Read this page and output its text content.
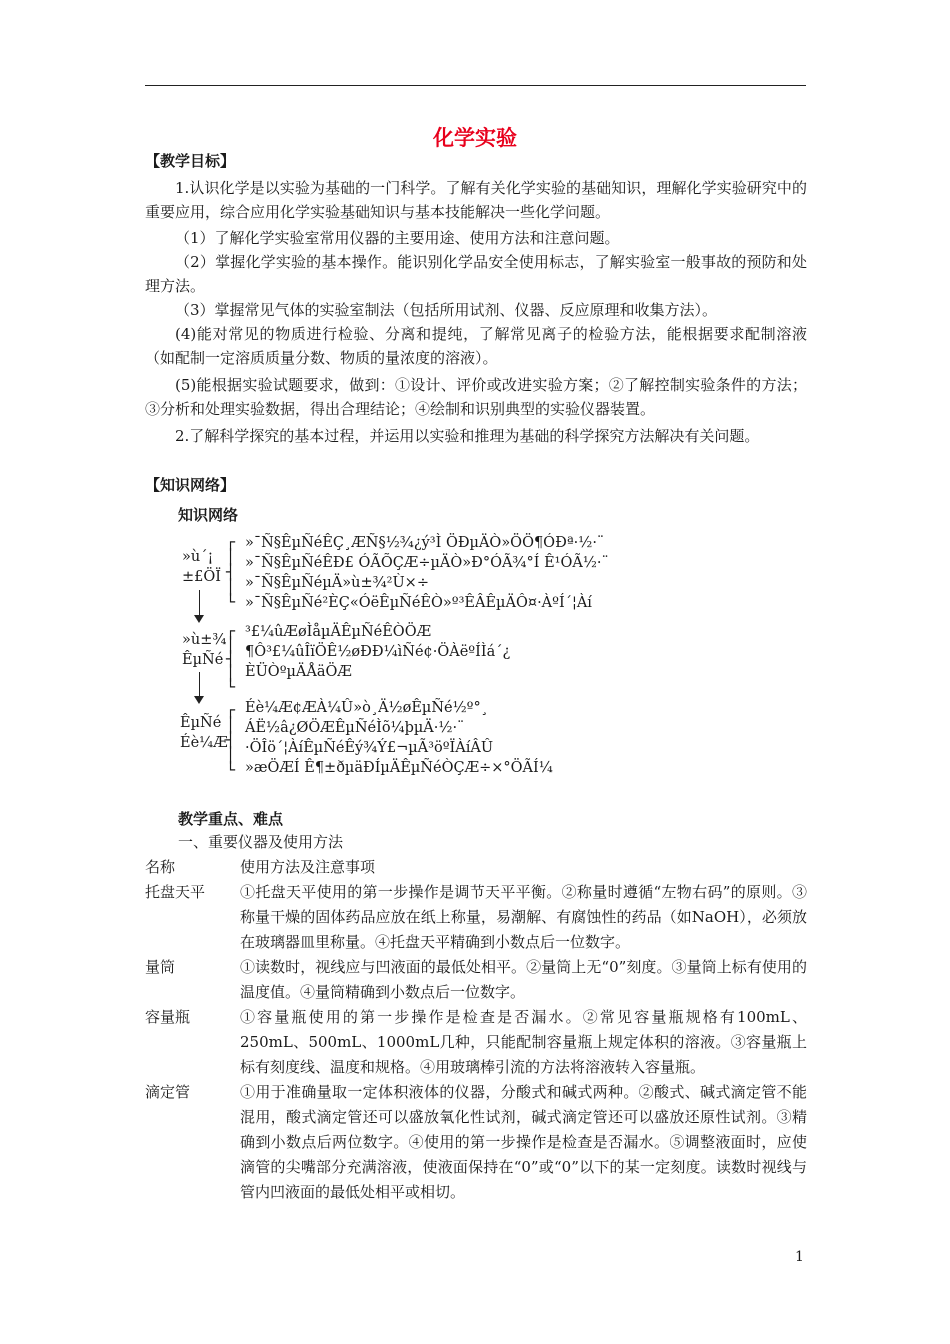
化学实验
【教学目标】
1.认识化学是以实验为基础的一门科学。了解有关化学实验的基础知识，理解化学实验研究中的重要应用，综合应用化学实验基础知识与基本技能解决一些化学问题。
（1）了解化学实验室常用仪器的主要用途、使用方法和注意问题。
（2）掌握化学实验的基本操作。能识别化学品安全使用标志，了解实验室一般事故的预防和处理方法。
（3）掌握常见气体的实验室制法（包括所用试剂、仪器、反应原理和收集方法）。
(4)能对常见的物质进行检验、分离和提纯，了解常见离子的检验方法，能根据要求配制溶液（如配制一定溶质质量分数、物质的量浓度的溶液）。
(5)能根据实验试题要求，做到：①设计、评价或改进实验方案；②了解控制实验条件的方法；③分析和处理实验数据，得出合理结论；④绘制和识别典型的实验仪器装置。
2.了解科学探究的基本过程，并运用以实验和推理为基础的科学探究方法解决有关问题。
【知识网络】
知识网络
»ù´¡
±£ÖÏ
┌
│
┤
│
└
»¯Ñ§ÊµÑéÊÇ¸ÆÑ§½¾¿ý³Ì ÖÐµÄÒ»ÖÖ¶ÓÐª·½·¨
»¯Ñ§ÊµÑéÊÐ£ ÓÃÕÇÆ÷µÄÒ»Ð°ÓÃ¾°Í Ê¹ÓÃ½·¨
»¯Ñ§ÊµÑéµÄ»ù±¾²Ù×÷
»¯Ñ§ÊµÑé²ÈÇ«ÓëÊµÑéÊÒ»º³ÊÂÊµÄÔ¤·ÀºÍ´¦Àí
»ù±¾
ÊµÑé
┌
│
┤
│
└
³£¼ûÆøÌåµÄÊµÑéÊÒÖÆ
¶Ô³£¼ûÎïÖÊ½øÐÐ¼ìÑé¢·ÖÀëºÍÌá´¿
ÈÜÒºµÄÅäÖÆ
ÊµÑé
Éè¼Æ
┌
│
┤
│
└
Éè¼Æ¢ÆÀ¼Û»ò¸Ä½øÊµÑé½º°¸
ÁË½â¿ØÖÆÊµÑéÌõ¼þµÄ·½·¨
·ÖÎö´¦ÀíÊµÑéÊý¾Ý£¬µÃ³öºÏÀíÂÛ
»æÖÆÍ Ê¶±ðµäÐÍµÄÊµÑéÒÇÆ÷×°ÖÃÍ¼
教学重点、难点
一、重要仪器及使用方法
名称	使用方法及注意事项
托盘天平 ①托盘天平使用的第一步操作是调节天平平衡。②称量时遵循“左物右码”的原则。③称量干燥的固体药品应放在纸上称量，易潮解、有腐蚀性的药品（如NaOH），必须放在玻璃器皿里称量。④托盘天平精确到小数点后一位数字。
量筒	①读数时，视线应与凹液面的最低处相平。②量筒上无“0”刻度。③量筒上标有使用的温度值。④量筒精确到小数点后一位数字。
容量瓶	①容量瓶使用的第一步操作是检查是否漏水。②常见容量瓶规格有100mL、250mL、500mL、1000mL几种，只能配制容量瓶上规定体积的溶液。③容量瓶上标有刻度线、温度和规格。④用玻璃棒引流的方法将溶液转入容量瓶。
滴定管	①用于准确量取一定体积液体的仪器，分酸式和碱式两种。②酸式、碱式滴定管不能混用，酸式滴定管还可以盛放氧化性试剂，碱式滴定管还可以盛放还原性试剂。③精确到小数点后两位数字。④使用的第一步操作是检查是否漏水。⑤调整液面时，应使滴管的尖嘴部分充满溶液，使液面保持在“0”或“0”以下的某一定刻度。读数时视线与管内凹液面的最低处相平或相切。
1
